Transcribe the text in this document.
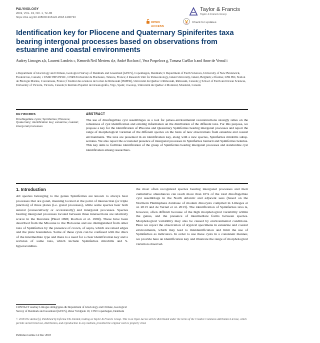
PALYNOLOGY
2019, VOL. 43, NO. 1, 72–86
https://doi.org/10.1080/01916122.2018.1490733
Taylor & Francis
Taylor & Francis Group
OPEN ACCESS
Check for updates
Identification key for Pliocene and Quaternary Spiniferites taxa bearing intergonal processes based on observations from estuarine and coastal environments
Audrey Limoges a,b, Laurent Londeix c, Kenneth Neil Mertens d,e, André Rochon f, Vera Pospelova g, Tomasa Cuéllar h and Anne de Vernal i
a Department of Glaciology and Climate, Geological Survey of Denmark and Greenland (GEUS), Copenhagen, Denmark; b Department of Earth Sciences, University of New Brunswick, Fredericton, Canada; c UMR 5805 EPOC, CNRS/Université de Bordeaux, Talence, France; d Research Unit for Palaeontology, Ghent University, Ghent, Belgium; e Ifremer, LER BO, Station de Biologie Marine, Concarneau, France; f Institut des sciences de la mer de Rimouski (ISMER), Université du Québec à Rimouski, Rimouski, Canada; g School of Earth and Ocean Sciences, University of Victoria, Victoria, Canada; h Instituto Español de Oceanografía, Vigo, Spain; i Geotop, Université du Québec à Montréal, Montréal, Canada
KEYWORDS
Dinoflagellate cysts; Spiniferites; Pliocene; Quaternary; identification key; estuarine; coastal; intergonal processes
ABSTRACT

The use of dinoflagellate cyst assemblages as a tool for palaeo-environmental reconstructions strongly relies on the robustness of cyst identification and existing information on the distribution of the different taxa. For this purpose, we propose a key for the identification of Pliocene and Quaternary Spiniferites bearing intergonal processes and report the range of morphological variation of the different species on the basis of new observations from estuarine and coastal environments. The taxa are presented in an identification key, along with a new species, Spiniferites mirabilis subsp. serratus. We also report the occasional presence of intergonal processes in Spiniferites bentorii and Spiniferites belerius. This key aims to facilitate identification of the group of Spiniferites bearing intergonal processes and standardize cyst identification among researchers.

1. Introduction

All species belonging to the genus Spiniferites are known to always bear processes that are gonal, meaning located at the point of intersection (or triple junction) of three plates (i.e. gonal processes), while some species bear both sutural (consecutively or occasionally) and intergonal processes. Species bearing intergonal processes located between three intersections are relatively scarce in the literature (Head 1996; Rochon et al. 1999). These have been described from the Miocene to the Holocene and are distinguished from other taxa of Spiniferites by the presence of crown, of septa, which are raised edges and the plate boundaries. Some of these cysts can be confused with the discs of the intermediate type and there is a need for a clear identification key and a revision of some taxa, which include Spiniferites mirabilis and S. hyperacanthus.

the most often recognized species bearing intergonal processes and their cumulative abundances can reach more than 10% of the total dinoflagellate cyst assemblage in the North Atlantic and adjacent seas (based on the Northern Hemisphere database of modern dinocysts compiled in Limoges et al. 2013 and de Vernal et al. 2013). The identification of Spiniferites taxa is, however, often difficult because of the high morphological variability within the genus, and the presence of intermediate forms between species. Morphological variability may also be caused by environmental conditions. Here we report the observation of atypical specimens in estuarine and coastal environments, which may lead to misidentification and limit the use of Spiniferites as indicators. In order to use these cysts in a consistent manner, we provide here an identification key and illustrate the range of morphological variation observed.

CONTACT Audrey Limoges alim@geus.dk Department of Glaciology and Climate, Geological Survey of Denmark and Greenland (GEUS), Øster Voldgade 10, 1350 Copenhagen, Denmark
© 2018 The Author(s). Published by Informa UK Limited, trading as Taylor & Francis Group. This is an Open Access article distributed under the terms of the Creative Commons Attribution License, which permits unrestricted use, distribution, and reproduction in any medium, provided the original work is properly cited.
Published online 14 Dec 2018
